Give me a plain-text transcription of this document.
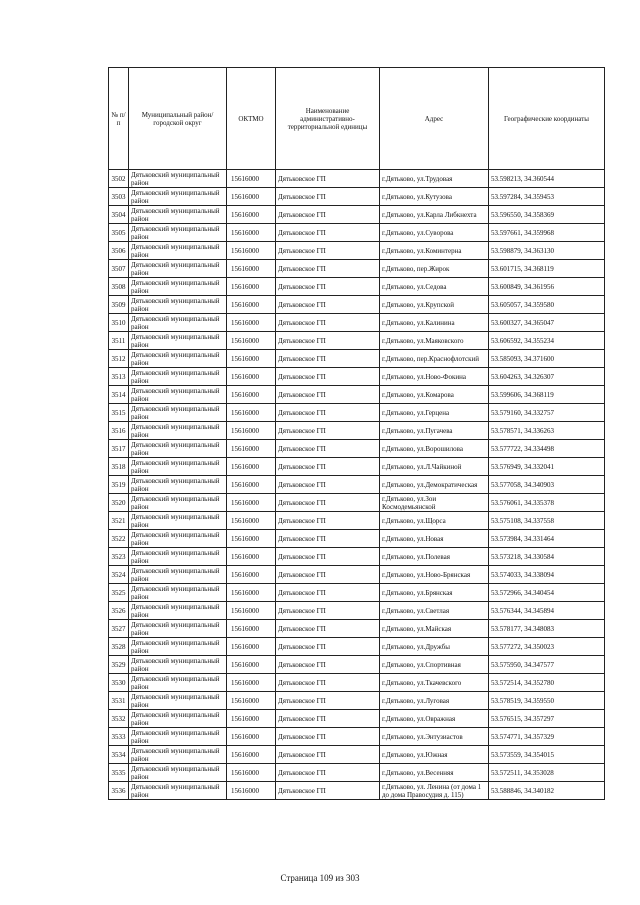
№ п/п	Муниципальный район/городской округ	ОКТМО	Наименование административно-территориальной единицы	Адрес	Географические координаты
3502	Дятьковский муниципальный район	15616000	Дятьковское ГП	г.Дятьково, ул.Трудовая	53.598213, 34.360544
3503	Дятьковский муниципальный район	15616000	Дятьковское ГП	г.Дятьково, ул.Кутузова	53.597284, 34.359453
3504	Дятьковский муниципальный район	15616000	Дятьковское ГП	г.Дятьково, ул.Карла Либкнехта	53.596550, 34.358369
3505	Дятьковский муниципальный район	15616000	Дятьковское ГП	г.Дятьково, ул.Суворова	53.597661, 34.359968
3506	Дятьковский муниципальный район	15616000	Дятьковское ГП	г.Дятьково, ул.Коминтерна	53.598879, 34.363130
3507	Дятьковский муниципальный район	15616000	Дятьковское ГП	г.Дятьково, пер.Жирок	53.601715, 34.368119
3508	Дятьковский муниципальный район	15616000	Дятьковское ГП	г.Дятьково, ул.Седова	53.600849, 34.361956
3509	Дятьковский муниципальный район	15616000	Дятьковское ГП	г.Дятьково, ул.Крупской	53.605057, 34.359580
3510	Дятьковский муниципальный район	15616000	Дятьковское ГП	г.Дятьково, ул.Калинина	53.600327, 34.365047
3511	Дятьковский муниципальный район	15616000	Дятьковское ГП	г.Дятьково, ул.Маяковского	53.606592, 34.355234
3512	Дятьковский муниципальный район	15616000	Дятьковское ГП	г.Дятьково, пер.Краснофлотский	53.585093, 34.371600
3513	Дятьковский муниципальный район	15616000	Дятьковское ГП	г.Дятьково, ул.Ново-Фокина	53.604263, 34.326307
3514	Дятьковский муниципальный район	15616000	Дятьковское ГП	г.Дятьково, ул.Комарова	53.599606, 34.368119
3515	Дятьковский муниципальный район	15616000	Дятьковское ГП	г.Дятьково, ул.Герцена	53.579160, 34.332757
3516	Дятьковский муниципальный район	15616000	Дятьковское ГП	г.Дятьково, ул.Пугачева	53.578571, 34.336263
3517	Дятьковский муниципальный район	15616000	Дятьковское ГП	г.Дятьково, ул.Ворошилова	53.577722, 34.334498
3518	Дятьковский муниципальный район	15616000	Дятьковское ГП	г.Дятьково, ул.Л.Чайкиной	53.576949, 34.332041
3519	Дятьковский муниципальный район	15616000	Дятьковское ГП	г.Дятьково, ул.Демократическая	53.577058, 34.340903
3520	Дятьковский муниципальный район	15616000	Дятьковское ГП	г.Дятьково, ул.Зои Космодемьянской	53.576061, 34.335378
3521	Дятьковский муниципальный район	15616000	Дятьковское ГП	г.Дятьково, ул.Щорса	53.575108, 34.337558
3522	Дятьковский муниципальный район	15616000	Дятьковское ГП	г.Дятьково, ул.Новая	53.573984, 34.331464
3523	Дятьковский муниципальный район	15616000	Дятьковское ГП	г.Дятьково, ул.Полевая	53.573218, 34.330584
3524	Дятьковский муниципальный район	15616000	Дятьковское ГП	г.Дятьково, ул.Ново-Брянская	53.574033, 34.338094
3525	Дятьковский муниципальный район	15616000	Дятьковское ГП	г.Дятьково, ул.Брянская	53.572966, 34.340454
3526	Дятьковский муниципальный район	15616000	Дятьковское ГП	г.Дятьково, ул.Светлая	53.576344, 34.345894
3527	Дятьковский муниципальный район	15616000	Дятьковское ГП	г.Дятьково, ул.Майская	53.578177, 34.348083
3528	Дятьковский муниципальный район	15616000	Дятьковское ГП	г.Дятьково, ул.Дружбы	53.577272, 34.350023
3529	Дятьковский муниципальный район	15616000	Дятьковское ГП	г.Дятьково, ул.Спортивная	53.575950, 34.347577
3530	Дятьковский муниципальный район	15616000	Дятьковское ГП	г.Дятьково, ул.Ткачевского	53.572514, 34.352780
3531	Дятьковский муниципальный район	15616000	Дятьковское ГП	г.Дятьково, ул.Луговая	53.578519, 34.359550
3532	Дятьковский муниципальный район	15616000	Дятьковское ГП	г.Дятьково, ул.Овражная	53.576515, 34.357297
3533	Дятьковский муниципальный район	15616000	Дятьковское ГП	г.Дятьково, ул.Энтузиастов	53.574771, 34.357329
3534	Дятьковский муниципальный район	15616000	Дятьковское ГП	г.Дятьково, ул.Южная	53.573559, 34.354015
3535	Дятьковский муниципальный район	15616000	Дятьковское ГП	г.Дятьково, ул.Весенняя	53.572511, 34.353028
3536	Дятьковский муниципальный район	15616000	Дятьковское ГП	г.Дятьково, ул. Ленина (от дома 1 до дома Правосудия д. 115)	53.588846, 34.340182
Страница 109 из 303
